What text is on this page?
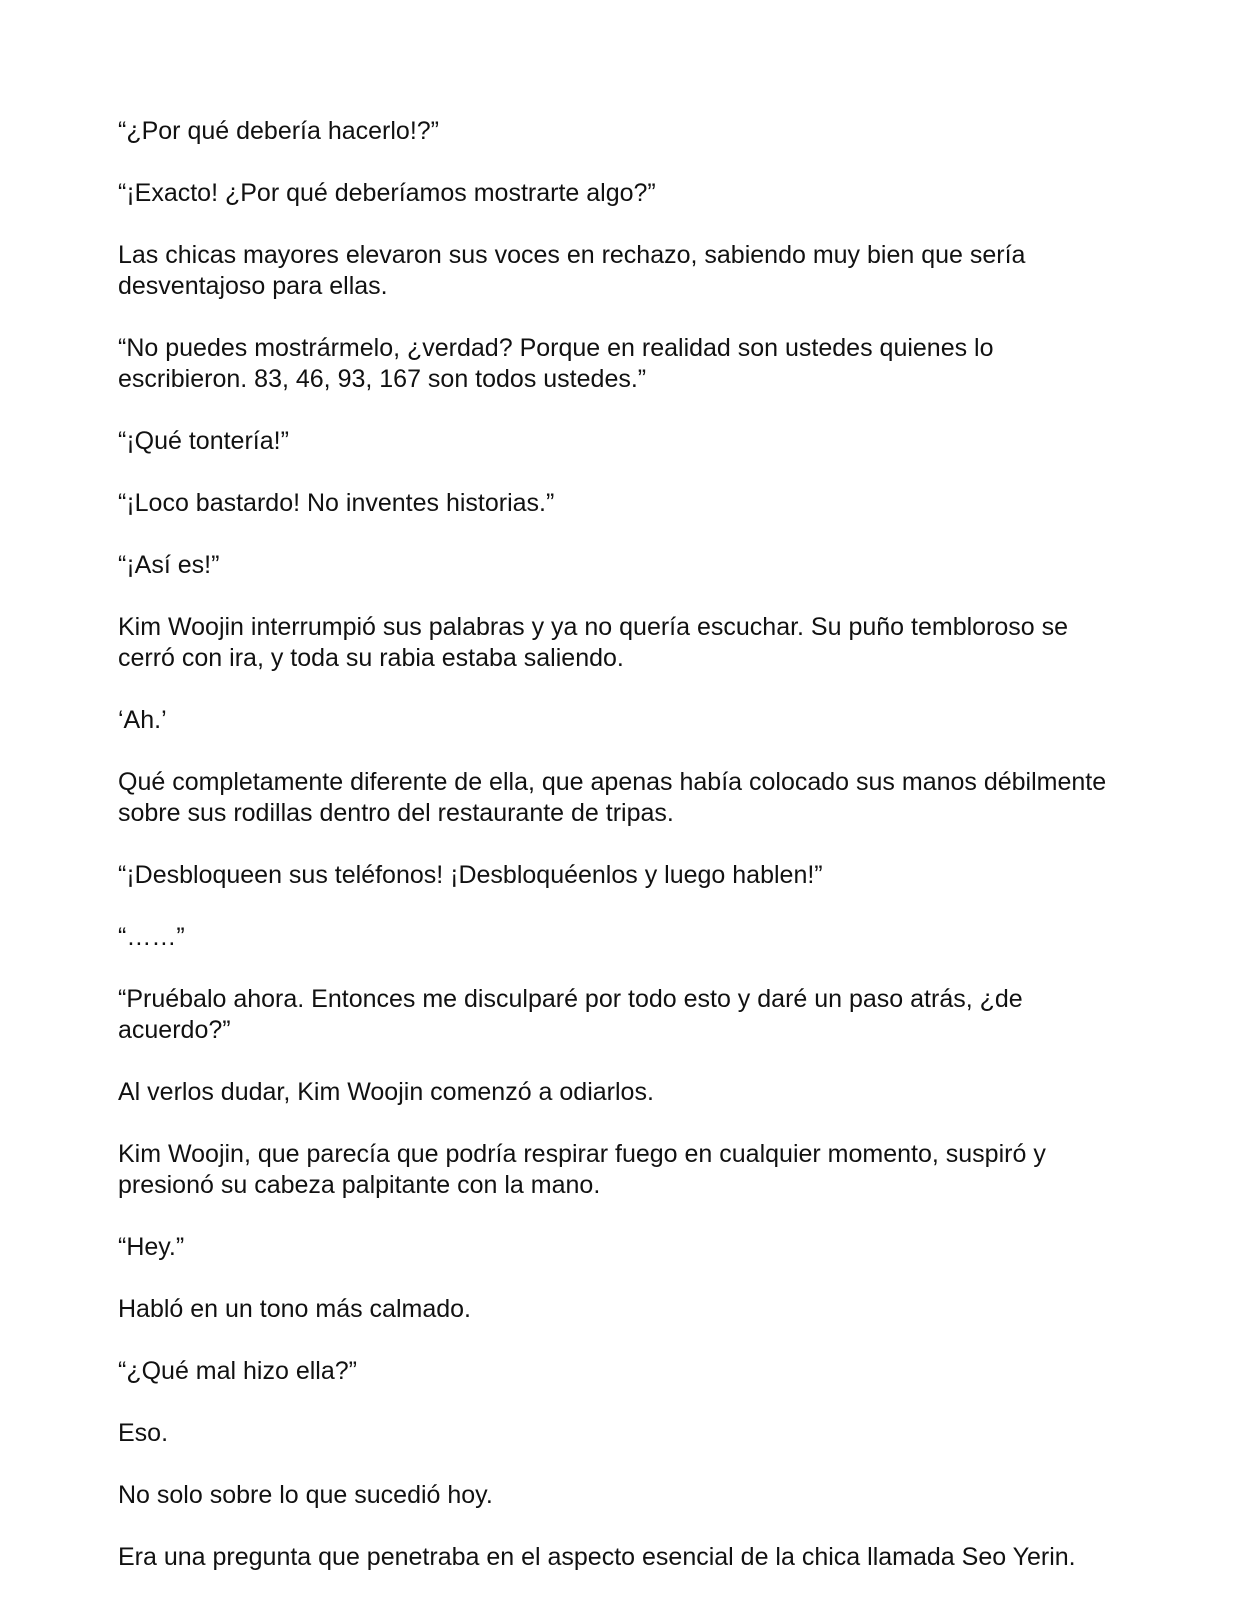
“¿Por qué debería hacerlo!?”

“¡Exacto! ¿Por qué deberíamos mostrarte algo?”

Las chicas mayores elevaron sus voces en rechazo, sabiendo muy bien que sería desventajoso para ellas.

“No puedes mostrármelo, ¿verdad? Porque en realidad son ustedes quienes lo escribieron. 83, 46, 93, 167 son todos ustedes.”

“¡Qué tontería!”

“¡Loco bastardo! No inventes historias.”

“¡Así es!”

Kim Woojin interrumpió sus palabras y ya no quería escuchar. Su puño tembloroso se cerró con ira, y toda su rabia estaba saliendo.

‘Ah.’

Qué completamente diferente de ella, que apenas había colocado sus manos débilmente sobre sus rodillas dentro del restaurante de tripas.

“¡Desbloqueen sus teléfonos! ¡Desbloquéenlos y luego hablen!”

“……”

“Pruébalo ahora. Entonces me disculparé por todo esto y daré un paso atrás, ¿de acuerdo?”

Al verlos dudar, Kim Woojin comenzó a odiarlos.

Kim Woojin, que parecía que podría respirar fuego en cualquier momento, suspiró y presionó su cabeza palpitante con la mano.

“Hey.”

Habló en un tono más calmado.

“¿Qué mal hizo ella?”

Eso.

No solo sobre lo que sucedió hoy.

Era una pregunta que penetraba en el aspecto esencial de la chica llamada Seo Yerin.
